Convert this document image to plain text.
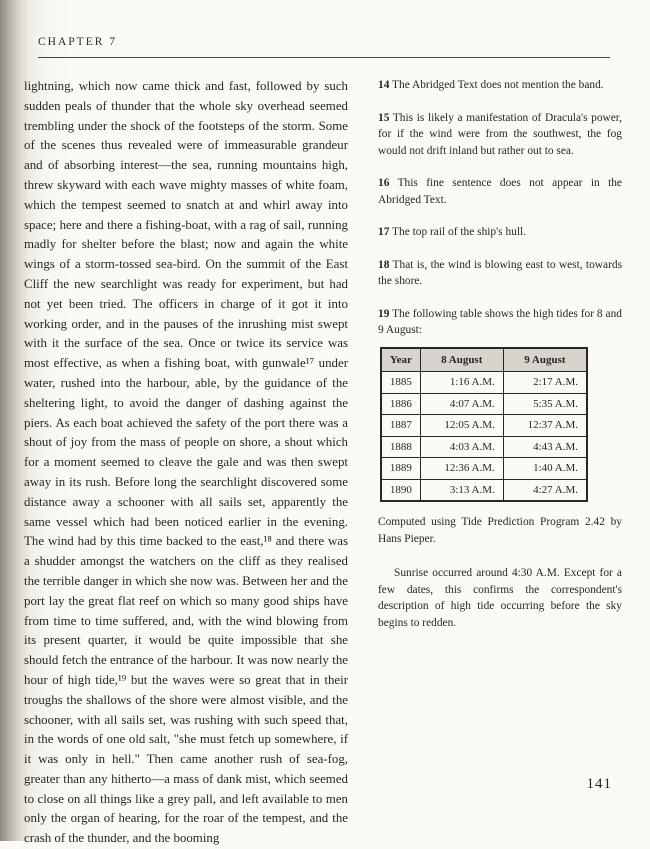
CHAPTER 7

lightning, which now came thick and fast, followed by such sudden peals of thunder that the whole sky overhead seemed trembling under the shock of the footsteps of the storm. Some of the scenes thus revealed were of immeasurable grandeur and of absorbing interest—the sea, running mountains high, threw skyward with each wave mighty masses of white foam, which the tempest seemed to snatch at and whirl away into space; here and there a fishing-boat, with a rag of sail, running madly for shelter before the blast; now and again the white wings of a storm-tossed sea-bird. On the summit of the East Cliff the new searchlight was ready for experiment, but had not yet been tried. The officers in charge of it got it into working order, and in the pauses of the inrushing mist swept with it the surface of the sea. Once or twice its service was most effective, as when a fishing boat, with gunwale¹⁷ under water, rushed into the harbour, able, by the guidance of the sheltering light, to avoid the danger of dashing against the piers. As each boat achieved the safety of the port there was a shout of joy from the mass of people on shore, a shout which for a moment seemed to cleave the gale and was then swept away in its rush. Before long the searchlight discovered some distance away a schooner with all sails set, apparently the same vessel which had been noticed earlier in the evening. The wind had by this time backed to the east,¹⁸ and there was a shudder amongst the watchers on the cliff as they realised the terrible danger in which she now was. Between her and the port lay the great flat reef on which so many good ships have from time to time suffered, and, with the wind blowing from its present quarter, it would be quite impossible that she should fetch the entrance of the harbour. It was now nearly the hour of high tide,¹⁹ but the waves were so great that in their troughs the shallows of the shore were almost visible, and the schooner, with all sails set, was rushing with such speed that, in the words of one old salt, "she must fetch up somewhere, if it was only in hell." Then came another rush of sea-fog, greater than any hitherto—a mass of dank mist, which seemed to close on all things like a grey pall, and left available to men only the organ of hearing, for the roar of the tempest, and the crash of the thunder, and the booming

14 The Abridged Text does not mention the band.

15 This is likely a manifestation of Dracula's power, for if the wind were from the southwest, the fog would not drift inland but rather out to sea.

16 This fine sentence does not appear in the Abridged Text.

17 The top rail of the ship's hull.

18 That is, the wind is blowing east to west, towards the shore.

19 The following table shows the high tides for 8 and 9 August:

Year	8 August	9 August
1885	1:16 A.M.	2:17 A.M.
1886	4:07 A.M.	5:35 A.M.
1887	12:05 A.M.	12:37 A.M.
1888	4:03 A.M.	4:43 A.M.
1889	12:36 A.M.	1:40 A.M.
1890	3:13 A.M.	4:27 A.M.

Computed using Tide Prediction Program 2.42 by Hans Pieper.

Sunrise occurred around 4:30 A.M. Except for a few dates, this confirms the correspondent's description of high tide occurring before the sky begins to redden.

141
